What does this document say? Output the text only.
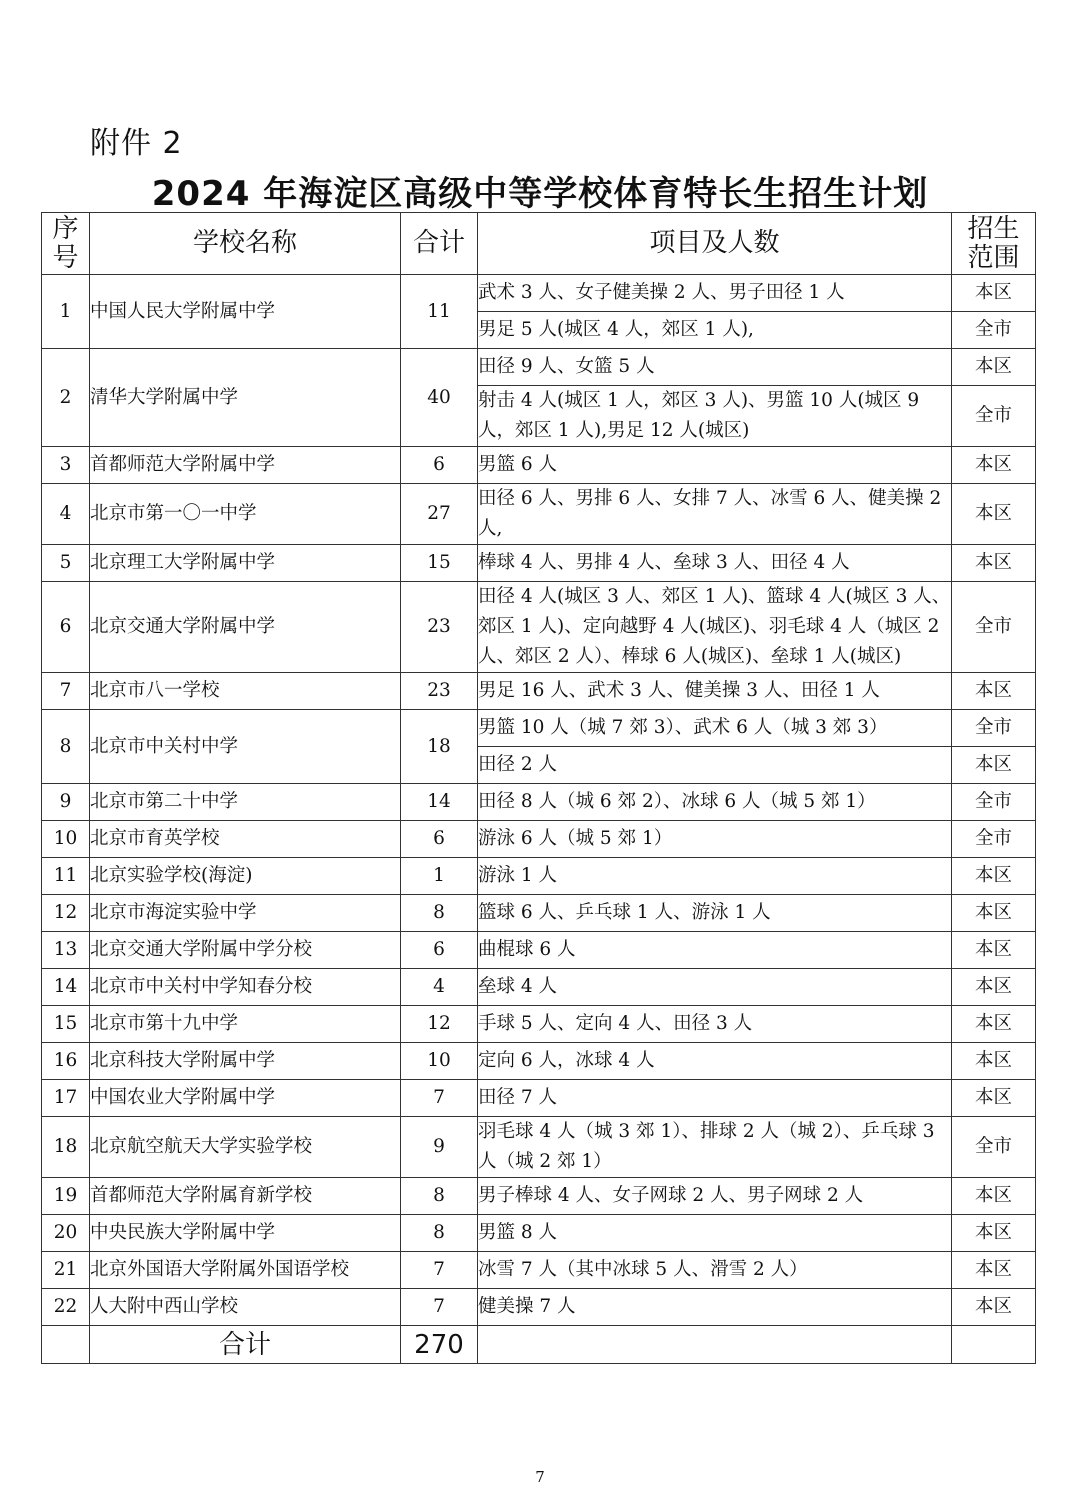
附件 2
2024 年海淀区高级中等学校体育特长生招生计划
序号	学校名称	合计	项目及人数	招生范围
1	中国人民大学附属中学	11	武术 3 人、女子健美操 2 人、男子田径 1 人	本区
			男足 5 人(城区 4 人，郊区 1 人),	全市
2	清华大学附属中学	40	田径 9 人、女篮 5 人	本区
			射击 4 人(城区 1 人，郊区 3 人)、男篮 10 人(城区 9 人，郊区 1 人),男足 12 人(城区)	全市
3	首都师范大学附属中学	6	男篮 6 人	本区
4	北京市第一〇一中学	27	田径 6 人、男排 6 人、女排 7 人、冰雪 6 人、健美操 2 人,	本区
5	北京理工大学附属中学	15	棒球 4 人、男排 4 人、垒球 3 人、田径 4 人	本区
6	北京交通大学附属中学	23	田径 4 人(城区 3 人、郊区 1 人)、篮球 4 人(城区 3 人、郊区 1 人)、定向越野 4 人(城区)、羽毛球 4 人（城区 2 人、郊区 2 人）、棒球 6 人(城区)、垒球 1 人(城区)	全市
7	北京市八一学校	23	男足 16 人、武术 3 人、健美操 3 人、田径 1 人	本区
8	北京市中关村中学	18	男篮 10 人（城 7 郊 3）、武术 6 人（城 3 郊 3）	全市
			田径 2 人	本区
9	北京市第二十中学	14	田径 8 人（城 6 郊 2）、冰球 6 人（城 5 郊 1）	全市
10	北京市育英学校	6	游泳 6 人（城 5 郊 1）	全市
11	北京实验学校(海淀)	1	游泳 1 人	本区
12	北京市海淀实验中学	8	篮球 6 人、乒乓球 1 人、游泳 1 人	本区
13	北京交通大学附属中学分校	6	曲棍球 6 人	本区
14	北京市中关村中学知春分校	4	垒球 4 人	本区
15	北京市第十九中学	12	手球 5 人、定向 4 人、田径 3 人	本区
16	北京科技大学附属中学	10	定向 6 人，冰球 4 人	本区
17	中国农业大学附属中学	7	田径 7 人	本区
18	北京航空航天大学实验学校	9	羽毛球 4 人（城 3 郊 1）、排球 2 人（城 2）、乒乓球 3 人（城 2 郊 1）	全市
19	首都师范大学附属育新学校	8	男子棒球 4 人、女子网球 2 人、男子网球 2 人	本区
20	中央民族大学附属中学	8	男篮 8 人	本区
21	北京外国语大学附属外国语学校	7	冰雪 7 人（其中冰球 5 人、滑雪 2 人）	本区
22	人大附中西山学校	7	健美操 7 人	本区
	合计	270		
7
